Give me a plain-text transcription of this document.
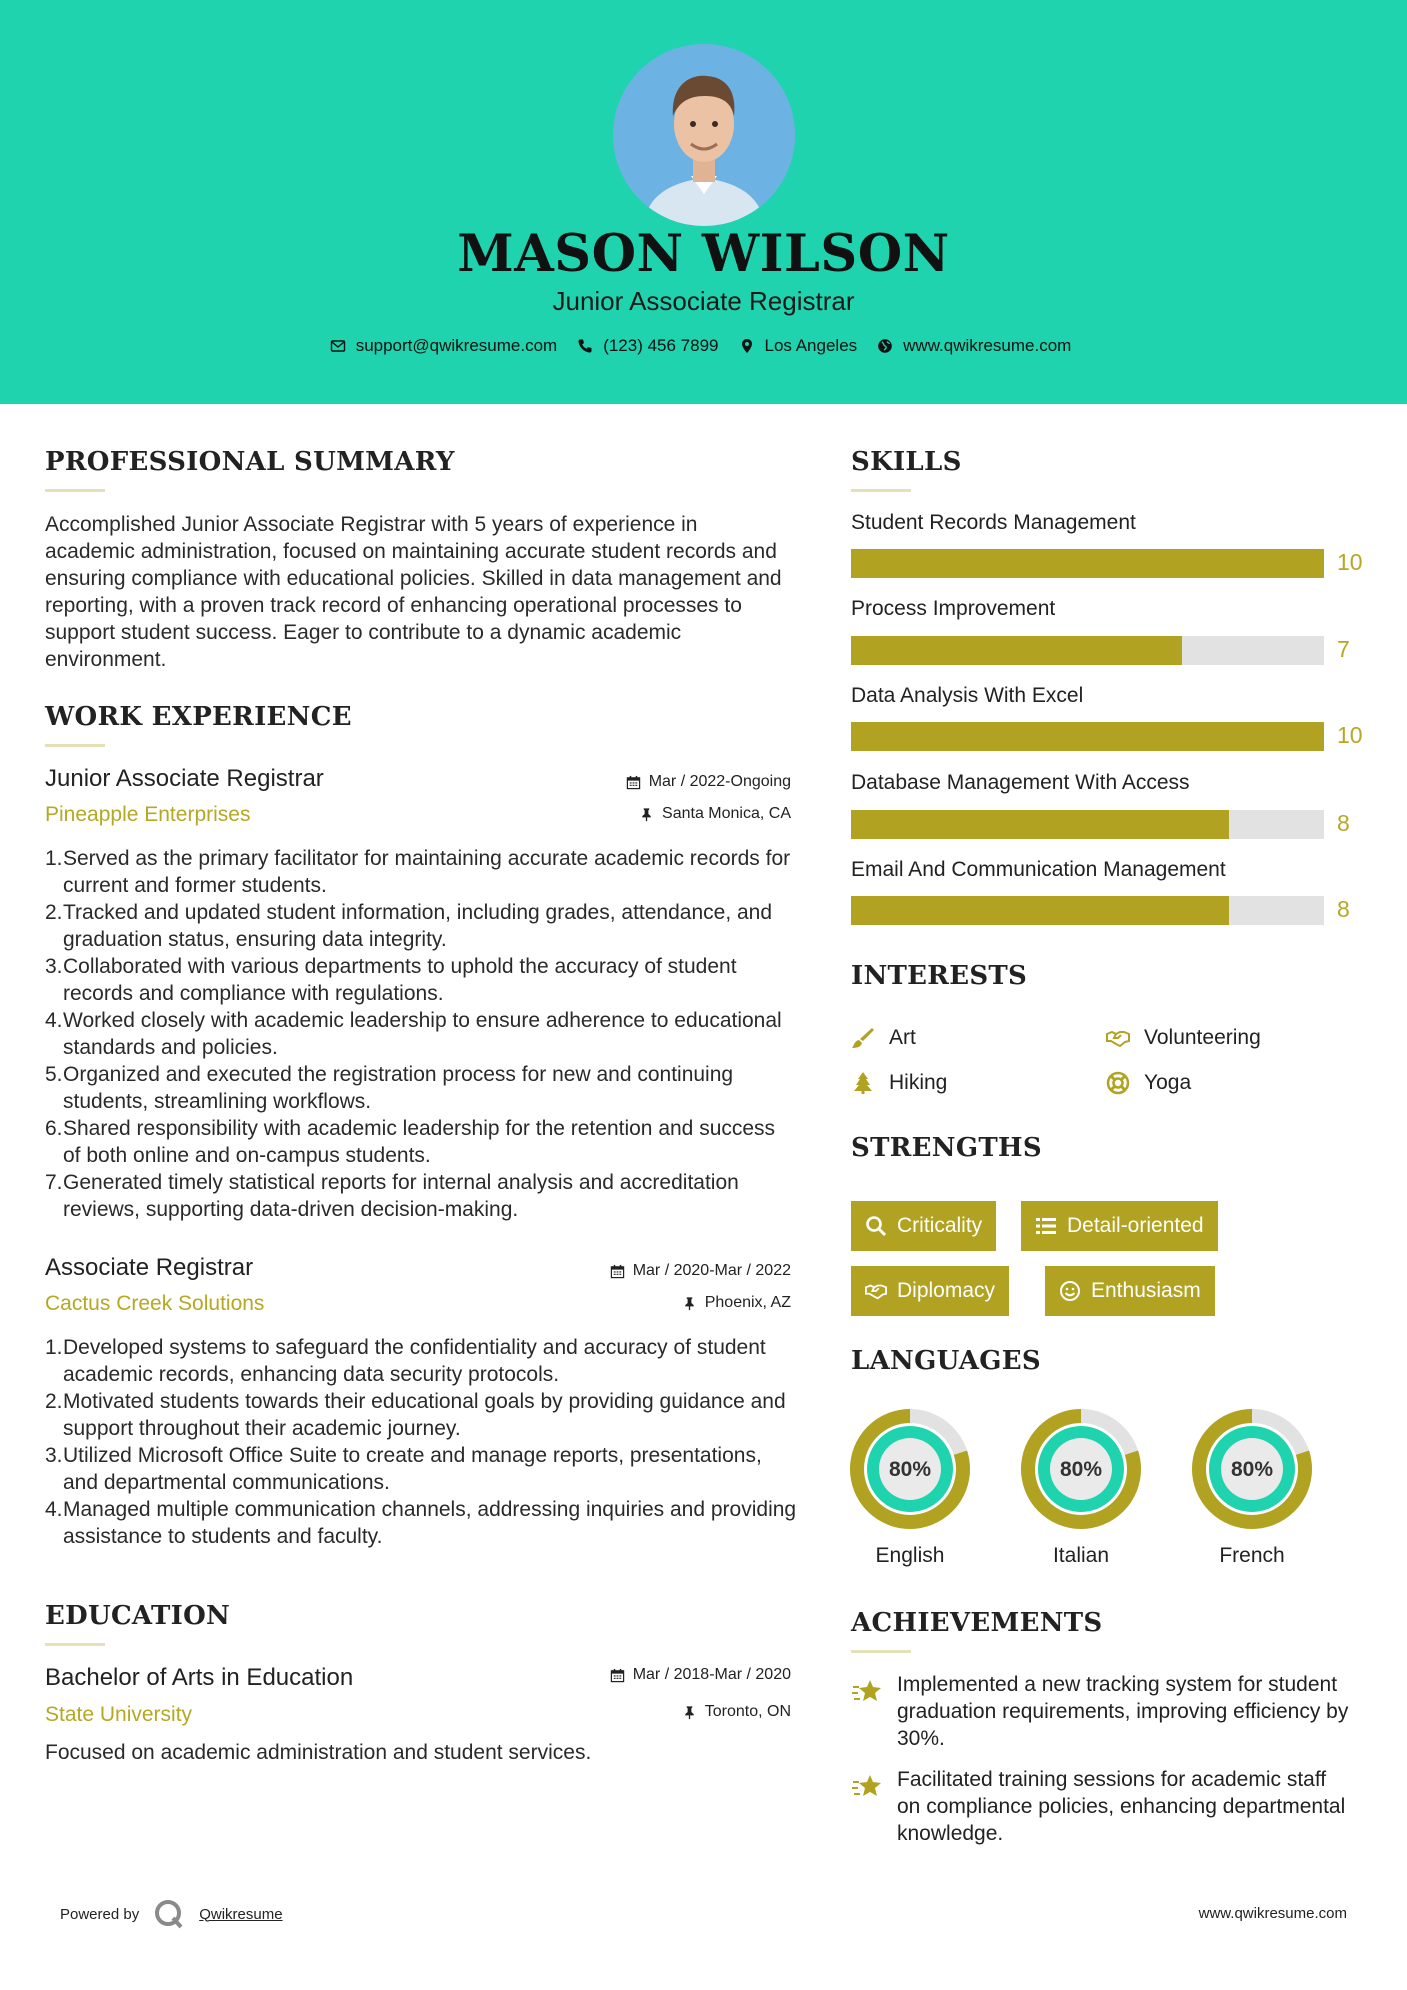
MASON WILSON
Junior Associate Registrar
support@qwikresume.com	(123) 456 7899	Los Angeles	www.qwikresume.com
PROFESSIONAL SUMMARY
Accomplished Junior Associate Registrar with 5 years of experience in academic administration, focused on maintaining accurate student records and ensuring compliance with educational policies. Skilled in data management and reporting, with a proven track record of enhancing operational processes to support student success. Eager to contribute to a dynamic academic environment.
WORK EXPERIENCE
Junior Associate Registrar
Pineapple Enterprises
Mar / 2022-Ongoing
Santa Monica, CA
1. Served as the primary facilitator for maintaining accurate academic records for current and former students.
2. Tracked and updated student information, including grades, attendance, and graduation status, ensuring data integrity.
3. Collaborated with various departments to uphold the accuracy of student records and compliance with regulations.
4. Worked closely with academic leadership to ensure adherence to educational standards and policies.
5. Organized and executed the registration process for new and continuing students, streamlining workflows.
6. Shared responsibility with academic leadership for the retention and success of both online and on-campus students.
7. Generated timely statistical reports for internal analysis and accreditation reviews, supporting data-driven decision-making.
Associate Registrar
Cactus Creek Solutions
Mar / 2020-Mar / 2022
Phoenix, AZ
1. Developed systems to safeguard the confidentiality and accuracy of student academic records, enhancing data security protocols.
2. Motivated students towards their educational goals by providing guidance and support throughout their academic journey.
3. Utilized Microsoft Office Suite to create and manage reports, presentations, and departmental communications.
4. Managed multiple communication channels, addressing inquiries and providing assistance to students and faculty.
EDUCATION
Bachelor of Arts in Education
State University
Mar / 2018-Mar / 2020
Toronto, ON
Focused on academic administration and student services.
SKILLS
Student Records Management
10
Process Improvement
7
Data Analysis With Excel
10
Database Management With Access
8
Email And Communication Management
8
INTERESTS
Art	Volunteering
Hiking	Yoga
STRENGTHS
Criticality	Detail-oriented
Diplomacy	Enthusiasm
LANGUAGES
80%
English
80%
Italian
80%
French
ACHIEVEMENTS
Implemented a new tracking system for student graduation requirements, improving efficiency by 30%.
Facilitated training sessions for academic staff on compliance policies, enhancing departmental knowledge.
Powered by	Qwikresume	www.qwikresume.com
